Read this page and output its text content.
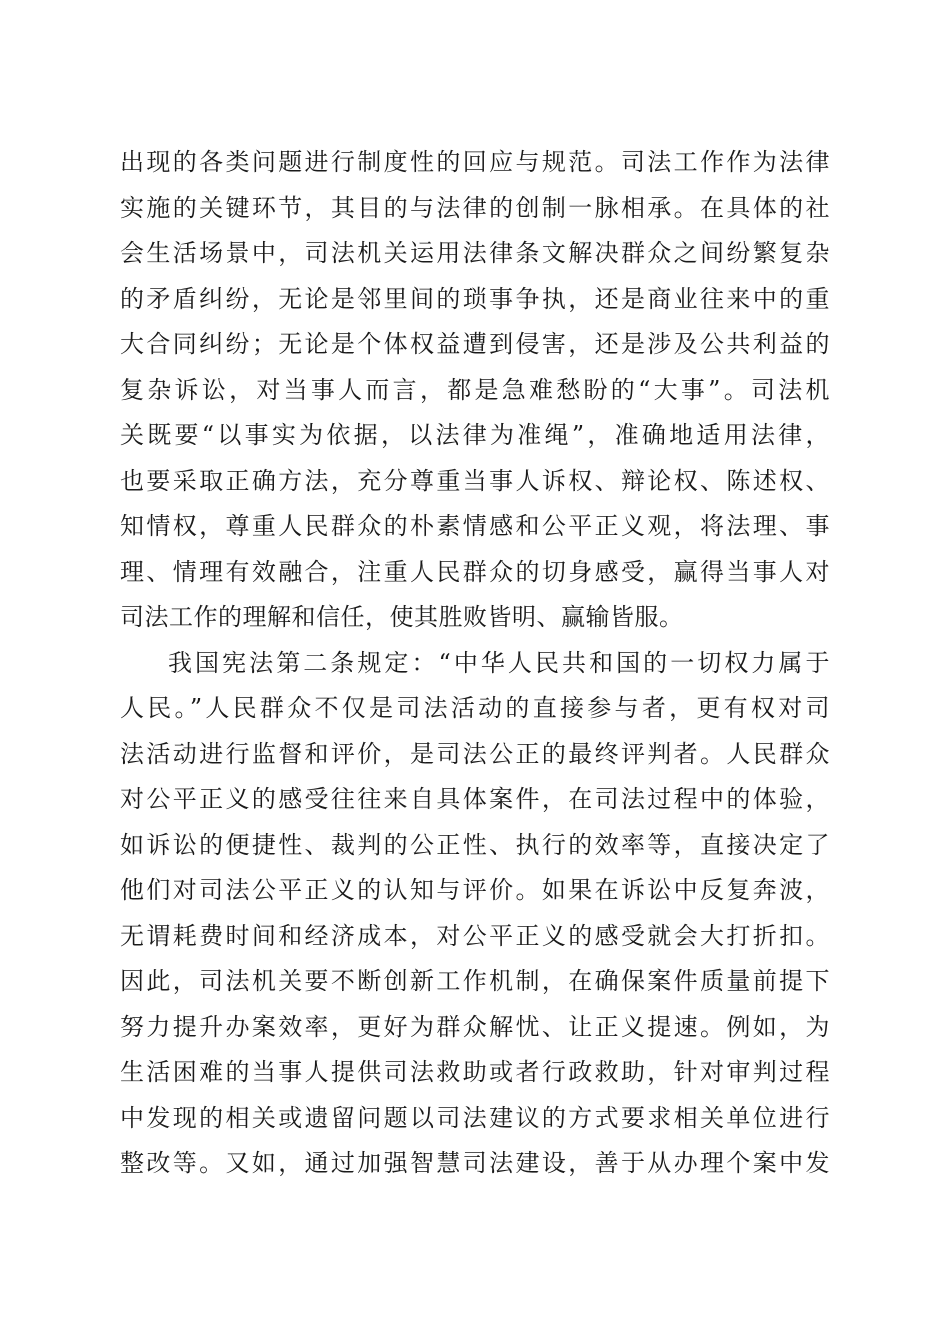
出现的各类问题进行制度性的回应与规范。司法工作作为法律
实施的关键环节，其目的与法律的创制一脉相承。在具体的社
会生活场景中，司法机关运用法律条文解决群众之间纷繁复杂
的矛盾纠纷，无论是邻里间的琐事争执，还是商业往来中的重
大合同纠纷；无论是个体权益遭到侵害，还是涉及公共利益的
复杂诉讼，对当事人而言，都是急难愁盼的“大事”。司法机
关既要“以事实为依据，以法律为准绳”，准确地适用法律，
也要采取正确方法，充分尊重当事人诉权、辩论权、陈述权、
知情权，尊重人民群众的朴素情感和公平正义观，将法理、事
理、情理有效融合，注重人民群众的切身感受，赢得当事人对
司法工作的理解和信任，使其胜败皆明、赢输皆服。
我国宪法第二条规定：“中华人民共和国的一切权力属于
人民。”人民群众不仅是司法活动的直接参与者，更有权对司
法活动进行监督和评价，是司法公正的最终评判者。人民群众
对公平正义的感受往往来自具体案件，在司法过程中的体验，
如诉讼的便捷性、裁判的公正性、执行的效率等，直接决定了
他们对司法公平正义的认知与评价。如果在诉讼中反复奔波，
无谓耗费时间和经济成本，对公平正义的感受就会大打折扣。
因此，司法机关要不断创新工作机制，在确保案件质量前提下
努力提升办案效率，更好为群众解忧、让正义提速。例如，为
生活困难的当事人提供司法救助或者行政救助，针对审判过程
中发现的相关或遗留问题以司法建议的方式要求相关单位进行
整改等。又如，通过加强智慧司法建设，善于从办理个案中发
